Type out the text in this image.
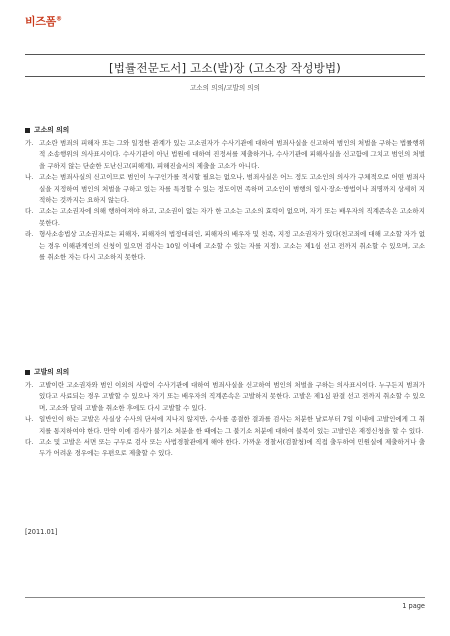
비즈폼®
[법률전문도서] 고소(발)장 (고소장 작성방법)
고소의 의의/고발의 의의
고소의 의의
가. 고소란 범죄의 피해자 또는 그와 일정한 관계가 있는 고소권자가 수사기관에 대하여 범죄사실을 신고하여 범인의 처벌을 구하는 법률행위적 소송행위의 의사표시이다. 수사기관이 아닌 법원에 대하여 진정서를 제출하거나, 수사기관에 피해사실을 신고함에 그치고 범인의 처벌을 구하지 않는 단순한 도난신고(피해계), 피해진술서의 제출을 고소가 아니다.
나. 고소는 범죄사실의 신고이므로 범인이 누구인가를 적시할 필요는 없으나, 범죄사실은 어느 정도 고소인의 의사가 구체적으로 어떤 범죄사실을 지정하여 범인의 처벌을 구하고 있는 자를 특정할 수 있는 정도이면 족하며 고소인이 범행의 일시·장소·방법이나 죄명까지 상세히 지적하는 것까지는 요하지 않는다.
다. 고소는 고소권자에 의해 행하여져야 하고, 고소권이 없는 자가 한 고소는 고소의 효력이 없으며, 자기 또는 배우자의 직계존속은 고소하지 못한다.
라. 형사소송법상 고소권자로는 피해자, 피해자의 법정대리인, 피해자의 배우자 및 친족, 지정 고소권자가 있다(친고죄에 대해 고소할 자가 없는 경우 이해관계인의 신청이 있으면 검사는 10일 이내에 고소할 수 있는 자를 지정). 고소는 제1심 선고 전까지 취소할 수 있으며, 고소를 취소한 자는 다시 고소하지 못한다.
고발의 의의
가. 고발이란 고소권자와 범인 이외의 사람이 수사기관에 대하여 범죄사실을 신고하여 범인의 처벌을 구하는 의사표시이다. 누구든지 범죄가 있다고 사료되는 경우 고발할 수 있으나 자기 또는 배우자의 직계존속은 고발하지 못한다. 고발은 제1심 판결 선고 전까지 취소할 수 있으며, 고소와 달리 고발을 취소한 후에도 다시 고발할 수 있다.
나. 일반인이 하는 고발은 사실상 수사의 단서에 지나지 않지만, 수사를 종결한 결과를 검사는 처분한 날로부터 7일 이내에 고발인에게 그 취지를 통지하여야 한다. 만약 이에 검사가 불기소 처분을 한 때에는 그 불기소 처분에 대하여 불복이 있는 고발인은 재정신청을 할 수 있다.
다. 고소 및 고발은 서면 또는 구두로 검사 또는 사법경찰관에게 해야 한다. 가까운 경찰서(검찰청)에 직접 출두하여 민원실에 제출하거나 출두가 어려운 경우에는 우편으로 제출할 수 있다.
[2011.01]
1 page
